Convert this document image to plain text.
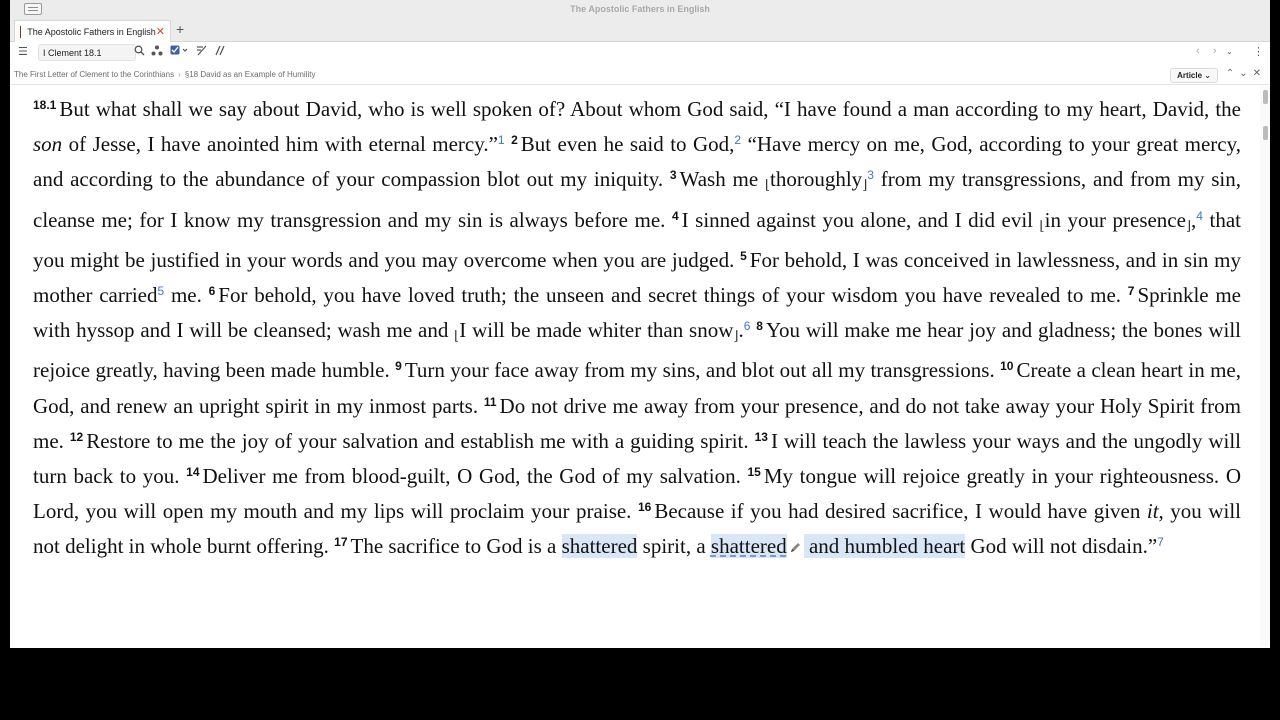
The Apostolic Fathers in English
The Apostolic Fathers in English ✕ +
☰
I Clement 18.1	‹ › ⌄ ⋮
The First Letter of Clement to the Corinthians › §18 David as an Example of Humility	Article ⌄	⌃⌄✕
$^{18.1}$ But what shall we say about David, who is well spoken of? About whom God said, “I have found a man according to my heart, David, the son of Jesse, I have anointed him with eternal mercy.”$^1$ $^2$ But even he said to God,$^2$ “Have mercy on me, God, according to your great mercy, and according to the abundance of your compassion blot out my iniquity. $^3$ Wash me ⌊thoroughly⌋$^3$ from my transgressions, and from my sin, cleanse me; for I know my transgression and my sin is always before me. $^4$ I sinned against you alone, and I did evil ⌊in your presence⌋,$^4$ that you might be justified in your words and you may overcome when you are judged. $^5$ For behold, I was conceived in lawlessness, and in sin my mother carried$^5$ me. $^6$ For behold, you have loved truth; the unseen and secret things of your wisdom you have revealed to me. $^7$ Sprinkle me with hyssop and I will be cleansed; wash me and ⌊I will be made whiter than snow⌋.$^6$ $^8$ You will make me hear joy and gladness; the bones will rejoice greatly, having been made humble. $^9$ Turn your face away from my sins, and blot out all my transgressions. $^{10}$ Create a clean heart in me, God, and renew an upright spirit in my inmost parts. $^{11}$ Do not drive me away from your presence, and do not take away your Holy Spirit from me. $^{12}$ Restore to me the joy of your salvation and establish me with a guiding spirit. $^{13}$ I will teach the lawless your ways and the ungodly will turn back to you. $^{14}$ Deliver me from blood-guilt, O God, the God of my salvation. $^{15}$ My tongue will rejoice greatly in your righteousness. O Lord, you will open my mouth and my lips will proclaim your praise. $^{16}$ Because if you had desired sacrifice, I would have given it, you will not delight in whole burnt offering. $^{17}$ The sacrifice to God is a shattered spirit, a shattered and humbled heart God will not disdain.”$^7$
